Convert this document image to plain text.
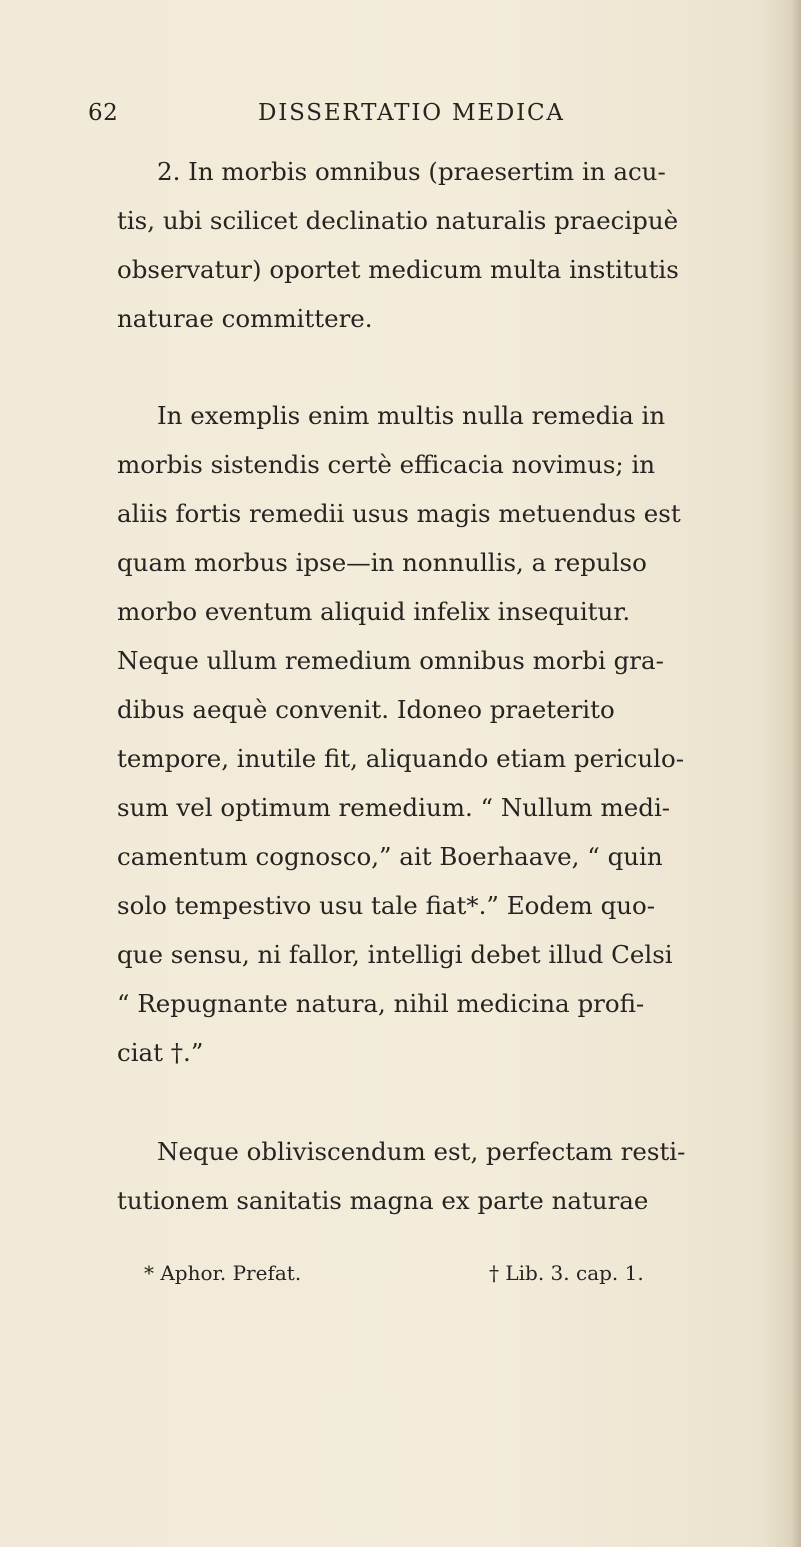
62	DISSERTATIO MEDICA
2. In morbis omnibus (praesertim in acu-
tis, ubi scilicet declinatio naturalis praecipuè
observatur) oportet medicum multa institutis
naturae committere.
In exemplis enim multis nulla remedia in
morbis sistendis certè efficacia novimus; in
aliis fortis remedii usus magis metuendus est
quam morbus ipse—in nonnullis, a repulso
morbo eventum aliquid infelix insequitur.
Neque ullum remedium omnibus morbi gra-
dibus aequè convenit. Idoneo praeterito
tempore, inutile fit, aliquando etiam periculo-
sum vel optimum remedium. “ Nullum medi-
camentum cognosco,” ait Boerhaave, “ quin
solo tempestivo usu tale fiat*.” Eodem quo-
que sensu, ni fallor, intelligi debet illud Celsi
“ Repugnante natura, nihil medicina profi-
ciat †.”
Neque obliviscendum est, perfectam resti-
tutionem sanitatis magna ex parte naturae
* Aphor. Prefat.	† Lib. 3. cap. 1.
